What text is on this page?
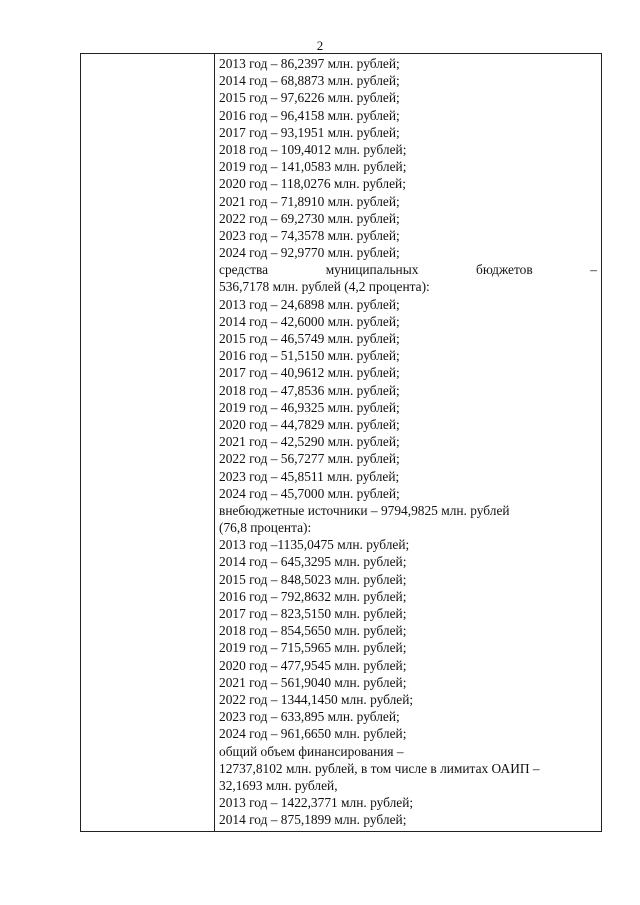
2
2013 год – 86,2397 млн. рублей;
2014 год – 68,8873 млн. рублей;
2015 год – 97,6226 млн. рублей;
2016 год – 96,4158 млн. рублей;
2017 год – 93,1951 млн. рублей;
2018 год – 109,4012 млн. рублей;
2019 год – 141,0583 млн. рублей;
2020 год – 118,0276 млн. рублей;
2021 год – 71,8910 млн. рублей;
2022 год – 69,2730 млн. рублей;
2023 год – 74,3578 млн. рублей;
2024 год – 92,9770 млн. рублей;
средства	муниципальных	бюджетов	–
536,7178 млн. рублей (4,2 процента):
2013 год – 24,6898 млн. рублей;
2014 год – 42,6000 млн. рублей;
2015 год – 46,5749 млн. рублей;
2016 год – 51,5150 млн. рублей;
2017 год – 40,9612 млн. рублей;
2018 год – 47,8536 млн. рублей;
2019 год – 46,9325 млн. рублей;
2020 год – 44,7829 млн. рублей;
2021 год – 42,5290 млн. рублей;
2022 год – 56,7277 млн. рублей;
2023 год – 45,8511 млн. рублей;
2024 год – 45,7000 млн. рублей;
внебюджетные источники – 9794,9825 млн. рублей
(76,8 процента):
2013 год –1135,0475 млн. рублей;
2014 год – 645,3295 млн. рублей;
2015 год – 848,5023 млн. рублей;
2016 год – 792,8632 млн. рублей;
2017 год – 823,5150 млн. рублей;
2018 год – 854,5650 млн. рублей;
2019 год – 715,5965 млн. рублей;
2020 год – 477,9545 млн. рублей;
2021 год – 561,9040 млн. рублей;
2022 год – 1344,1450 млн. рублей;
2023 год – 633,895 млн. рублей;
2024 год – 961,6650 млн. рублей;
общий объем финансирования –
12737,8102 млн. рублей, в том числе в лимитах ОАИП –
32,1693 млн. рублей,
2013 год – 1422,3771 млн. рублей;
2014 год – 875,1899 млн. рублей;
